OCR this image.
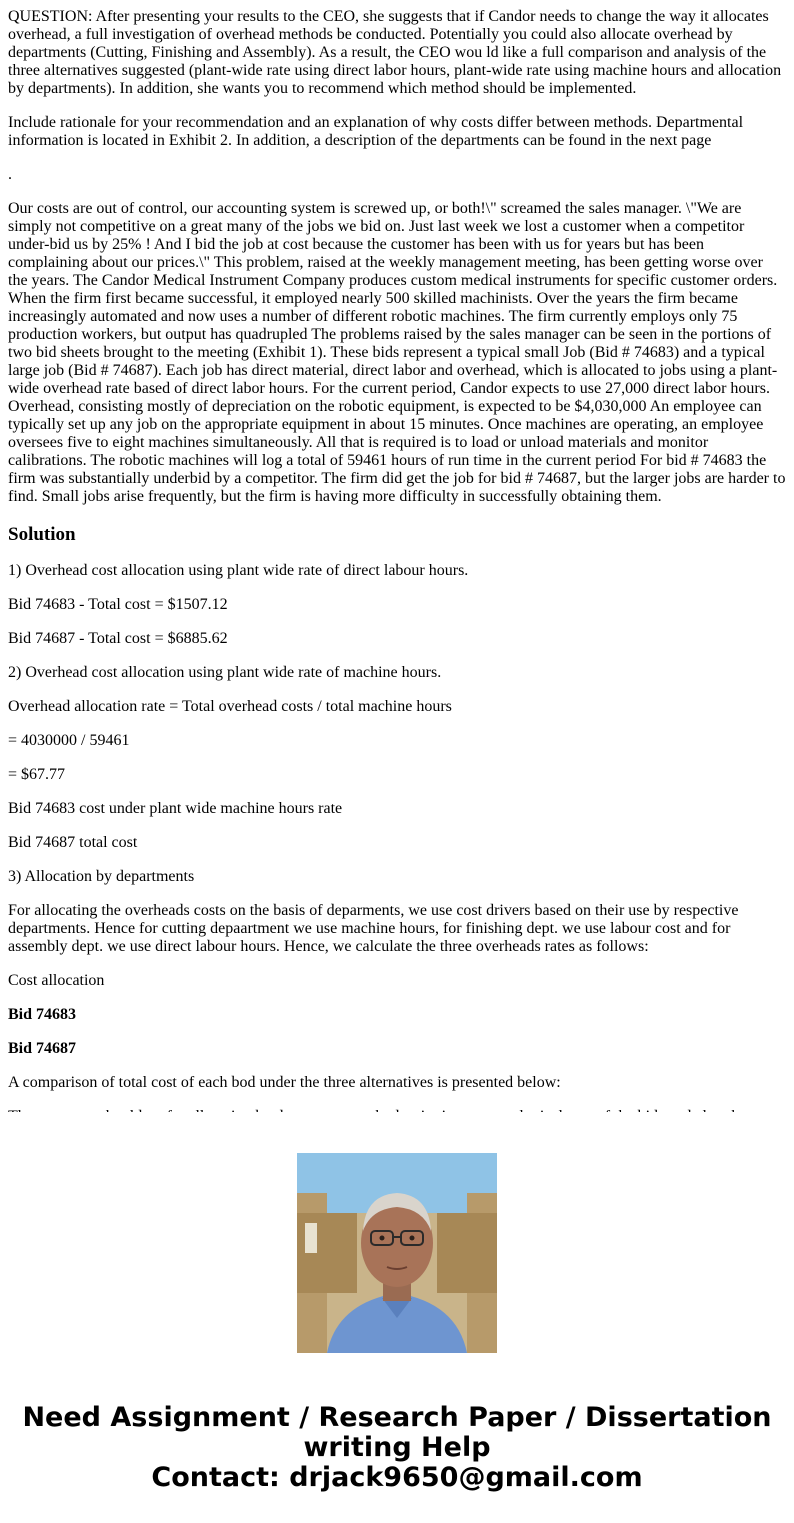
QUESTION: After presenting your results to the CEO, she suggests that if Candor needs to change the way it allocates overhead, a full investigation of overhead methods be conducted. Potentially you could also allocate overhead by departments (Cutting, Finishing and Assembly). As a result, the CEO wou ld like a full comparison and analysis of the three alternatives suggested (plant-wide rate using direct labor hours, plant-wide rate using machine hours and allocation by departments). In addition, she wants you to recommend which method should be implemented.

Include rationale for your recommendation and an explanation of why costs differ between methods. Departmental information is located in Exhibit 2. In addition, a description of the departments can be found in the next page

.

Our costs are out of control, our accounting system is screwed up, or both!\" screamed the sales manager. \"We are simply not competitive on a great many of the jobs we bid on. Just last week we lost a customer when a competitor under-bid us by 25% ! And I bid the job at cost because the customer has been with us for years but has been complaining about our prices.\" This problem, raised at the weekly management meeting, has been getting worse over the years. The Candor Medical Instrument Company produces custom medical instruments for specific customer orders. When the firm first became successful, it employed nearly 500 skilled machinists. Over the years the firm became increasingly automated and now uses a number of different robotic machines. The firm currently employs only 75 production workers, but output has quadrupled The problems raised by the sales manager can be seen in the portions of two bid sheets brought to the meeting (Exhibit 1). These bids represent a typical small Job (Bid # 74683) and a typical large job (Bid # 74687). Each job has direct material, direct labor and overhead, which is allocated to jobs using a plant-wide overhead rate based of direct labor hours. For the current period, Candor expects to use 27,000 direct labor hours. Overhead, consisting mostly of depreciation on the robotic equipment, is expected to be $4,030,000 An employee can typically set up any job on the appropriate equipment in about 15 minutes. Once machines are operating, an employee oversees five to eight machines simultaneously. All that is required is to load or unload materials and monitor calibrations. The robotic machines will log a total of 59461 hours of run time in the current period For bid # 74683 the firm was substantially underbid by a competitor. The firm did get the job for bid # 74687, but the larger jobs are harder to find. Small jobs arise frequently, but the firm is having more difficulty in successfully obtaining them.

Solution

1) Overhead cost allocation using plant wide rate of direct labour hours.

Bid 74683 - Total cost = $1507.12

Bid 74687 - Total cost = $6885.62

2) Overhead cost allocation using plant wide rate of machine hours.

Overhead allocation rate = Total overhead costs / total machine hours

= 4030000 / 59461

= $67.77

Bid 74683 cost under plant wide machine hours rate

Bid 74687 total cost

3) Allocation by departments

For allocating the overheads costs on the basis of deparments, we use cost drivers based on their use by respective departments. Hence for cutting depaartment we use machine hours, for finishing dept. we use labour cost and for assembly dept. we use direct labour hours. Hence, we calculate the three overheads rates as follows:

Cost allocation

Bid 74683

Bid 74687

A comparison of total cost of each bod under the three alternatives is presented below:

Need Assignment / Research Paper / Dissertation
writing Help
Contact: drjack9650@gmail.com
